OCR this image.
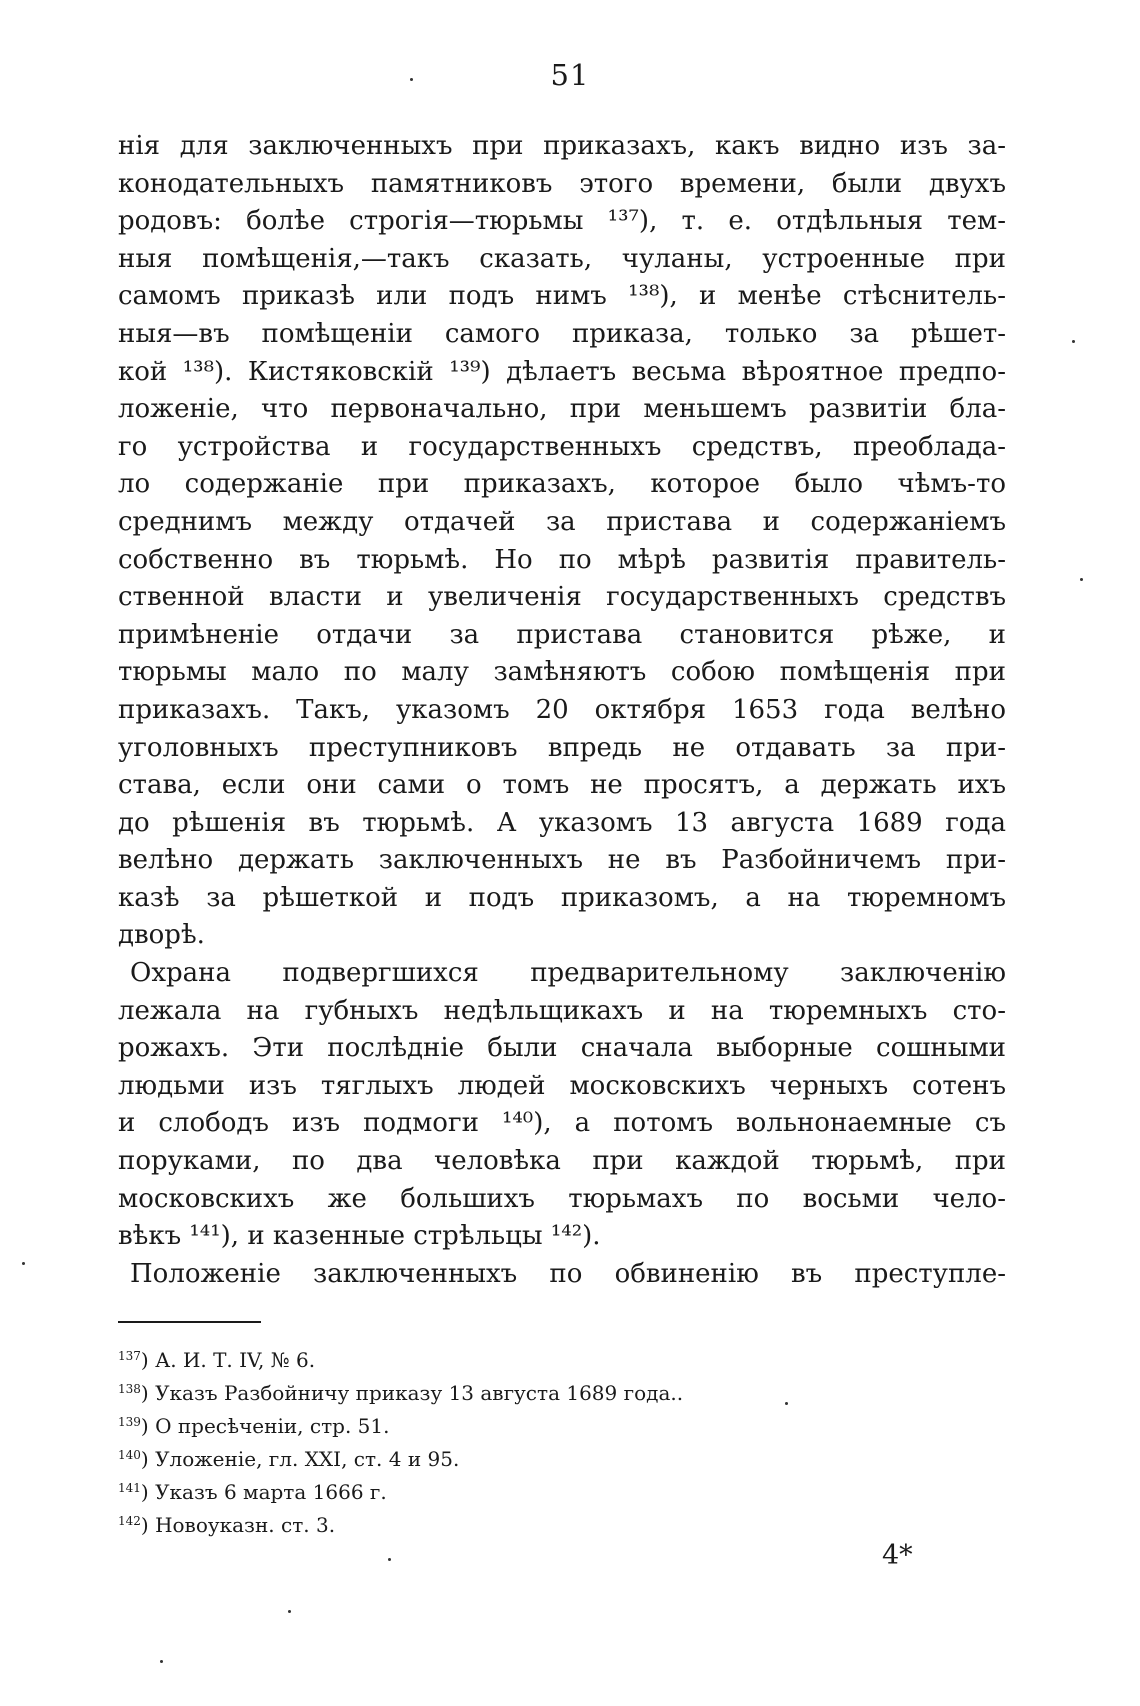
51
нія для заключенныхъ при приказахъ, какъ видно изъ за-
конодательныхъ памятниковъ этого времени, были двухъ
родовъ: болѣе строгія—тюрьмы ¹³⁷), т. е. отдѣльныя тем-
ныя помѣщенія,—такъ сказать, чуланы, устроенные при
самомъ приказѣ или подъ нимъ ¹³⁸), и менѣе стѣснитель-
ныя—въ помѣщеніи самого приказа, только за рѣшет-
кой ¹³⁸). Кистяковскій ¹³⁹) дѣлаетъ весьма вѣроятное предпо-
ложеніе, что первоначально, при меньшемъ развитіи бла-
го устройства и государственныхъ средствъ, преоблада-
ло содержаніе при приказахъ, которое было чѣмъ-то
среднимъ между отдачей за пристава и содержаніемъ
собственно въ тюрьмѣ. Но по мѣрѣ развитія правитель-
ственной власти и увеличенія государственныхъ средствъ
примѣненіе отдачи за пристава становится рѣже, и
тюрьмы мало по малу замѣняютъ собою помѣщенія при
приказахъ. Такъ, указомъ 20 октября 1653 года велѣно
уголовныхъ преступниковъ впредь не отдавать за при-
става, если они сами о томъ не просятъ, а держать ихъ
до рѣшенія въ тюрьмѣ. А указомъ 13 августа 1689 года
велѣно держать заключенныхъ не въ Разбойничемъ при-
казѣ за рѣшеткой и подъ приказомъ, а на тюремномъ
дворѣ.
Охрана подвергшихся предварительному заключенію
лежала на губныхъ недѣльщикахъ и на тюремныхъ сто-
рожахъ. Эти послѣдніе были сначала выборные сошными
людьми изъ тяглыхъ людей московскихъ черныхъ сотенъ
и слободъ изъ подмоги ¹⁴⁰), а потомъ вольнонаемные съ
поруками, по два человѣка при каждой тюрьмѣ, при
московскихъ же большихъ тюрьмахъ по восьми чело-
вѣкъ ¹⁴¹), и казенные стрѣльцы ¹⁴²).
Положеніе заключенныхъ по обвиненію въ преступле-
$^{137}$) А. И. Т. IV, № 6.
$^{138}$) Указъ Разбойничу приказу 13 августа 1689 года..
$^{139}$) О пресѣченіи, стр. 51.
$^{140}$) Уложеніе, гл. XXI, ст. 4 и 95.
$^{141}$) Указъ 6 марта 1666 г.
$^{142}$) Новоуказн. ст. 3.
4*
